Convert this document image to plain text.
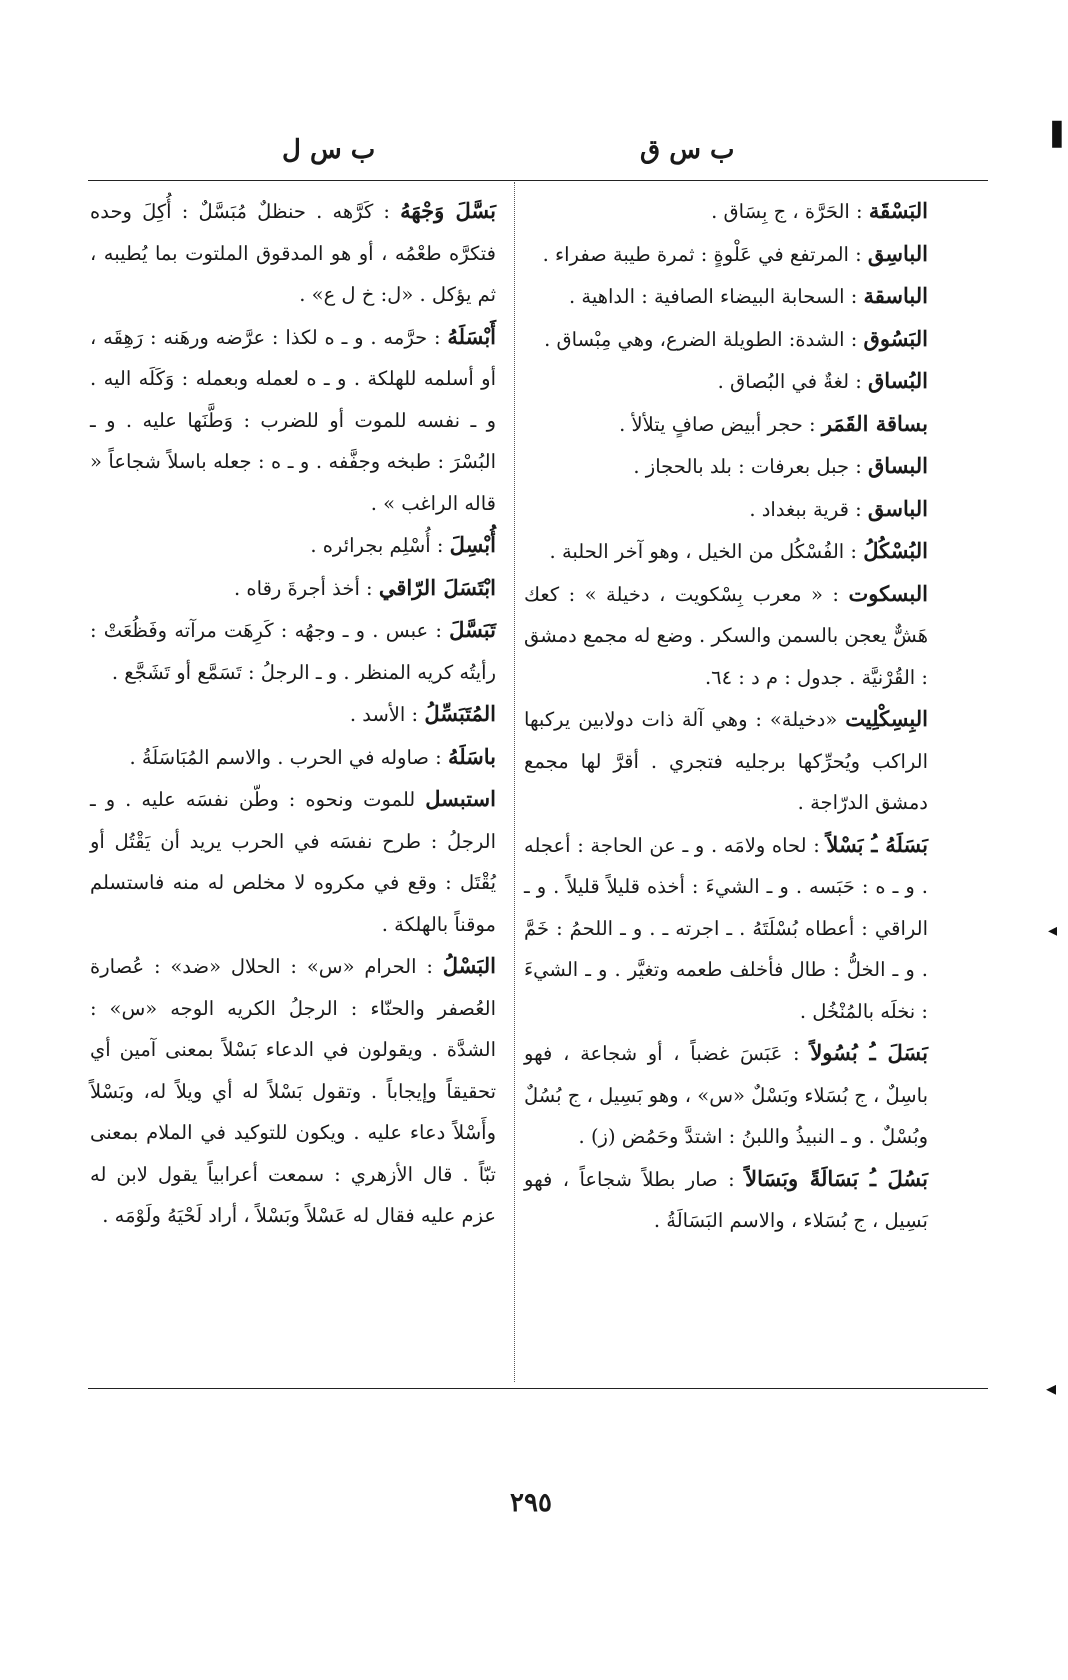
❚
◂
◂
ب س ق
ب س ل

البَسْقَة : الحَرَّة ، ج بِسَاق .

الباسِق : المرتفع في عَلْوةٍ : ثمرة طيبة صفراء .

الباسقة : السحابة البيضاء الصافية : الداهية .

البَسُوق : الشدة: الطويلة الضرع، وهي مِبْساق .

البُساق : لغةٌ في البُصاق .

بساقة القَمَر : حجر أبيض صافٍ يتلألأ .

البساق : جبل بعرفات : بلد بالحجاز .

الباسق : قرية ببغداد .

البُسْكُلُ : الفُسْكُل من الخيل ، وهو آخر الحلبة .

البسكوت : « معرب بِسْكويت ، دخيلة » : كعك هَشٌّ يعجن بالسمن والسكر . وضع له مجمع دمشق : القُرْنيَّة . جدول : م د : ٦٤.

البِسِكْلِيت «دخيلة» : وهي آلة ذات دولابين يركبها الراكب ويُحرِّكها برجليه فتجري . أقرَّ لها مجمع دمشق الدرّاجة .

بَسَلَهُ ـُ بَسْلاً : لحاه ولامَه . و ـ عن الحاجة : أعجله . و ـ ه : حَبَسه . و ـ الشيءَ : أخذه قليلاً قليلاً . و ـ الراقي : أعطاه بُسْلَتَهُ . ـ اجرته ـ . و ـ اللحمُ : خَمَّ . و ـ الخلُّ : طال فأخلف طعمه وتغيَّر . و ـ الشيءَ : نخلَه بالمُنْخُل .

بَسَلَ ـُ بُسُولاً : عَبَسَ غضباً ، أو شجاعة ، فهو باسِلٌ ، ج بُسَلاء وبَسْلٌ «س» ، وهو بَسِيل ، ج بُسُلٌ وبُسْلٌ . و ـ النبيذُ واللبنُ : اشتدَّ وحَمُض (ز) .

بَسُلَ ـُ بَسَالَةً وبَسَالاً : صار بطلاً شجاعاً ، فهو بَسِيل ، ج بُسَلاء ، والاسم البَسَالَةُ .

بَسَّلَ وَجْهَهُ : كَرَّهه . حنظلٌ مُبَسَّلٌ : أُكِلَ وحده فتكرَّه طعْمُه ، أو هو المدقوق الملتوت بما يُطيبه ، ثم يؤكل . «ل: خ ل ع» .

أَبْسَلَهُ : حرَّمه . و ـ ه لكذا : عرَّضه ورهَنه : رَهِقَه ، أو أسلمه للهلكة . و ـ ه لعمله وبعمله : وَكَلَه اليه . و ـ نفسه للموت أو للضرب : وَطَّنَها عليه . و ـ البُسْرَ : طبخه وجفَّفه . و ـ ه : جعله باسلاً شجاعاً « قاله الراغب » .

أُبْسِلَ : أُسْلِم بجرائره .

ابْتَسَلَ الرّاقي : أخذ أجرةَ رقاه .

تَبَسَّلَ : عبس . و ـ وجهُه : كَرِهَت مرآته وفَظُعَتْ : رأيتُه كريه المنظر . و ـ الرجلُ : تَسَمَّع أو تَشَجَّع .

المُتَبَسِّلُ : الأسد .

باسَلَهُ : صاوله في الحرب . والاسم المُبَاسَلَةُ .

استبسل للموت ونحوه : وطّن نفسَه عليه . و ـ الرجلُ : طرح نفسَه في الحرب يريد أن يَقْتُل أو يُقْتَل : وقع في مكروه لا مخلص له منه فاستسلم موقناً بالهلكة .

البَسْلُ : الحرام «س» : الحلال «ضد» : عُصارة العُصفر والحنّاء : الرجلُ الكريه الوجه «س» : الشدَّة . ويقولون في الدعاء بَسْلاً بمعنى آمين أي تحقيقاً وإيجاباً . وتقول بَسْلاً له أي ويلاً له، وبَسْلاً وأَسْلاً دعاء عليه . ويكون للتوكيد في الملام بمعنى تبّاً . قال الأزهري : سمعت أعرابياً يقول لابن له عزم عليه فقال له عَسْلاً وبَسْلاً ، أراد لَحْيَهُ ولَوْمَه .

٢٩٥
